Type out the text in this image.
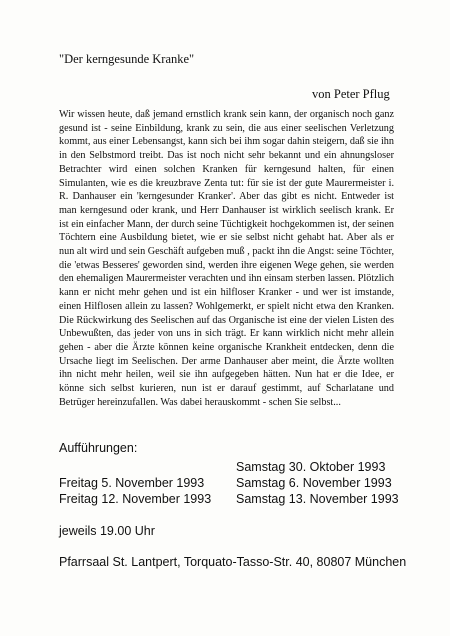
"Der kerngesunde Kranke"
von Peter Pflug

Wir wissen heute, daß jemand ernstlich krank sein kann, der organisch noch ganz gesund ist - seine Einbildung, krank zu sein, die aus einer seelischen Verletzung kommt, aus einer Lebensangst, kann sich bei ihm sogar dahin steigern, daß sie ihn in den Selbstmord treibt. Das ist noch nicht sehr bekannt und ein ahnungsloser Betrachter wird einen solchen Kranken für kerngesund halten, für einen Simulanten, wie es die kreuzbrave Zenta tut: für sie ist der gute Maurermeister i. R. Danhauser ein 'kerngesunder Kranker'. Aber das gibt es nicht. Entweder ist man kerngesund oder krank, und Herr Danhauser ist wirklich seelisch krank. Er ist ein einfacher Mann, der durch seine Tüchtigkeit hochgekommen ist, der seinen Töchtern eine Ausbildung bietet, wie er sie selbst nicht gehabt hat. Aber als er nun alt wird und sein Geschäft aufgeben muß , packt ihn die Angst: seine Töchter, die 'etwas Besseres' geworden sind, werden ihre eigenen Wege gehen, sie werden den ehemaligen Maurermeister verachten und ihn einsam sterben lassen. Plötzlich kann er nicht mehr gehen und ist ein hilfloser Kranker - und wer ist imstande, einen Hilflosen allein zu lassen? Wohlgemerkt, er spielt nicht etwa den Kranken. Die Rückwirkung des Seelischen auf das Organische ist eine der vielen Listen des Unbewußten, das jeder von uns in sich trägt. Er kann wirklich nicht mehr allein gehen - aber die Ärzte können keine organische Krankheit entdecken, denn die Ursache liegt im Seelischen. Der arme Danhauser aber meint, die Ärzte wollten ihn nicht mehr heilen, weil sie ihn aufgegeben hätten. Nun hat er die Idee, er könne sich selbst kurieren, nun ist er darauf gestimmt, auf Scharlatane und Betrüger hereinzufallen. Was dabei herauskommt - schen Sie selbst...

Aufführungen:
Samstag 30. Oktober 1993
Freitag 5. November 1993	Samstag 6. November 1993
Freitag 12. November 1993 Samstag 13. November 1993
jeweils 19.00 Uhr
Pfarrsaal St. Lantpert, Torquato-Tasso-Str. 40, 80807 München
